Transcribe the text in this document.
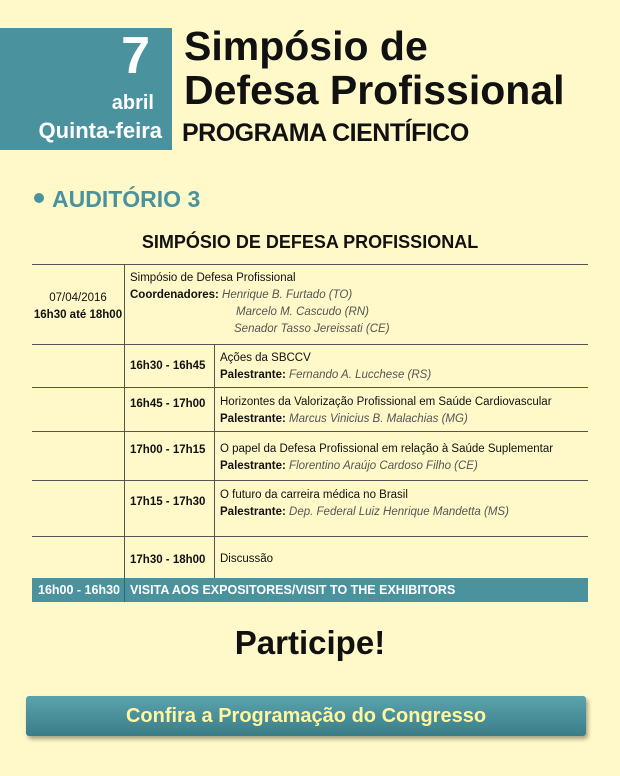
7
abril
Quinta-feira
Simpósio de
Defesa Profissional
PROGRAMA CIENTÍFICO
AUDITÓRIO 3
SIMPÓSIO DE DEFESA PROFISSIONAL
07/04/2016
16h30 até 18h00
Simpósio de Defesa Profissional
Coordenadores: Henrique B. Furtado (TO)
Marcelo M. Cascudo (RN)
Senador Tasso Jereissati (CE)
16h30 - 16h45
Ações da SBCCV
Palestrante: Fernando A. Lucchese (RS)
16h45 - 17h00 Horizontes da Valorização Profissional em Saúde Cardiovascular
Palestrante: Marcus Vinicius B. Malachias (MG)
17h00 - 17h15 O papel da Defesa Profissional em relação à Saúde Suplementar
Palestrante: Florentino Araújo Cardoso Filho (CE)
17h15 - 17h30
O futuro da carreira médica no Brasil
Palestrante: Dep. Federal Luiz Henrique Mandetta (MS)
17h30 - 18h00 Discussão
16h00 - 16h30 VISITA AOS EXPOSITORES/VISIT TO THE EXHIBITORS
Participe!
Confira a Programação do Congresso
